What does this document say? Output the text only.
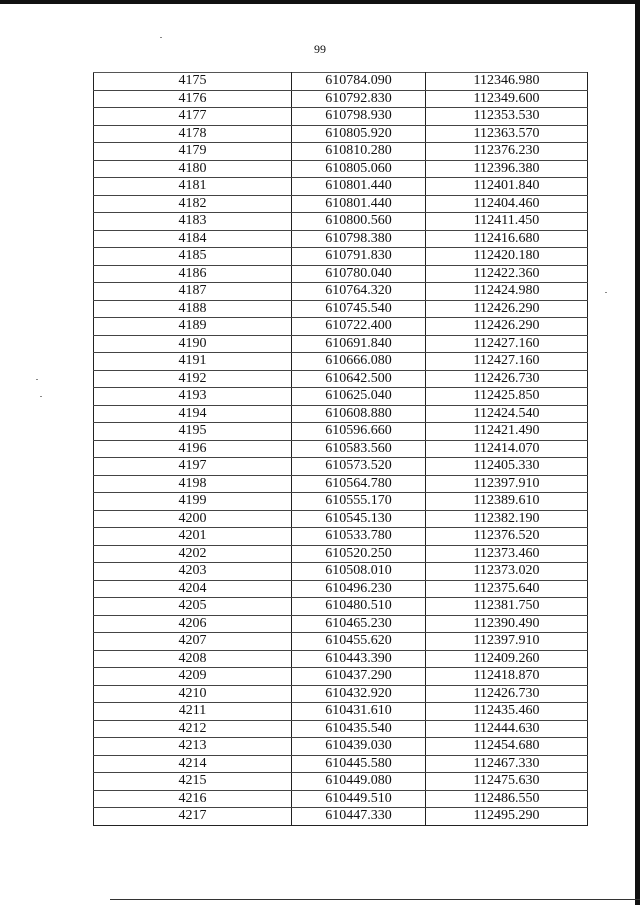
99
4175	610784.090	112346.980
4176	610792.830	112349.600
4177	610798.930	112353.530
4178	610805.920	112363.570
4179	610810.280	112376.230
4180	610805.060	112396.380
4181	610801.440	112401.840
4182	610801.440	112404.460
4183	610800.560	112411.450
4184	610798.380	112416.680
4185	610791.830	112420.180
4186	610780.040	112422.360
4187	610764.320	112424.980
4188	610745.540	112426.290
4189	610722.400	112426.290
4190	610691.840	112427.160
4191	610666.080	112427.160
4192	610642.500	112426.730
4193	610625.040	112425.850
4194	610608.880	112424.540
4195	610596.660	112421.490
4196	610583.560	112414.070
4197	610573.520	112405.330
4198	610564.780	112397.910
4199	610555.170	112389.610
4200	610545.130	112382.190
4201	610533.780	112376.520
4202	610520.250	112373.460
4203	610508.010	112373.020
4204	610496.230	112375.640
4205	610480.510	112381.750
4206	610465.230	112390.490
4207	610455.620	112397.910
4208	610443.390	112409.260
4209	610437.290	112418.870
4210	610432.920	112426.730
4211	610431.610	112435.460
4212	610435.540	112444.630
4213	610439.030	112454.680
4214	610445.580	112467.330
4215	610449.080	112475.630
4216	610449.510	112486.550
4217	610447.330	112495.290
